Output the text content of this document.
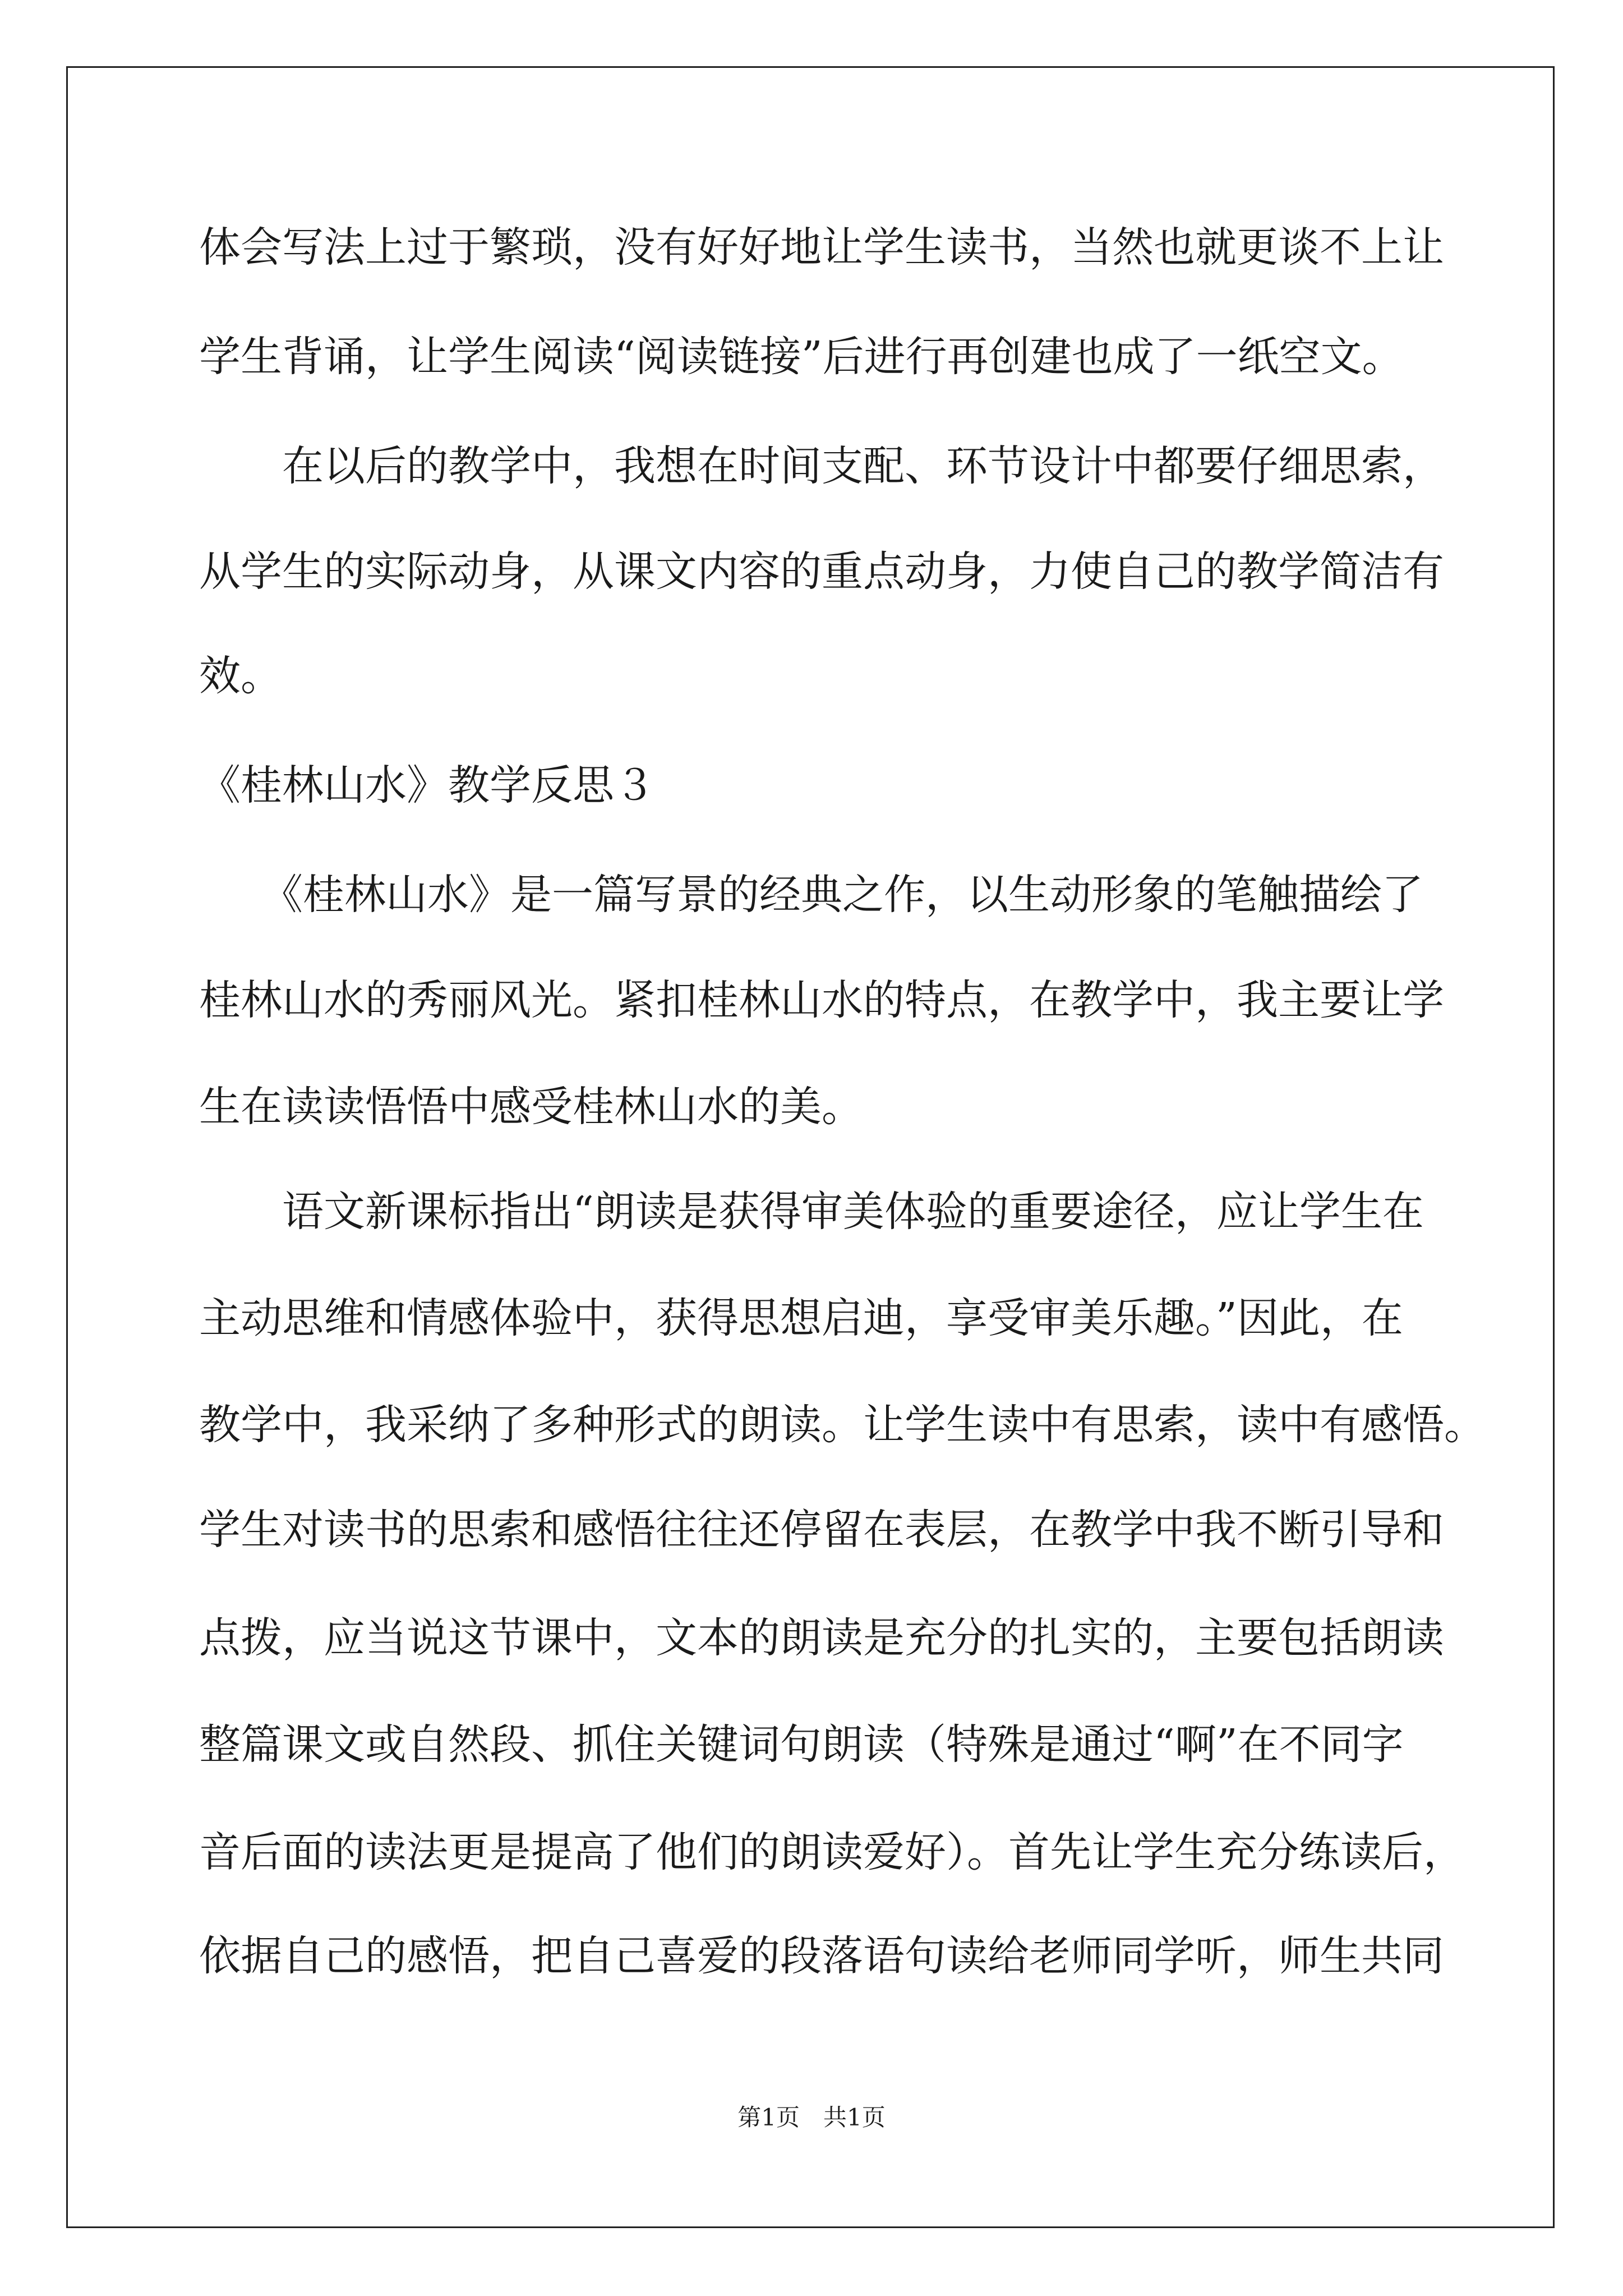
体会写法上过于繁琐，没有好好地让学生读书，当然也就更谈不上让
学生背诵，让学生阅读“阅读链接”后进行再创建也成了一纸空文。
　　在以后的教学中，我想在时间支配、环节设计中都要仔细思索，
从学生的实际动身，从课文内容的重点动身，力使自己的教学简洁有
效。
《桂林山水》教学反思３
　　《桂林山水》是一篇写景的经典之作，以生动形象的笔触描绘了
桂林山水的秀丽风光。紧扣桂林山水的特点，在教学中，我主要让学
生在读读悟悟中感受桂林山水的美。
　　语文新课标指出“朗读是获得审美体验的重要途径，应让学生在
主动思维和情感体验中，获得思想启迪，享受审美乐趣。”因此，在
教学中，我采纳了多种形式的朗读。让学生读中有思索，读中有感悟。
学生对读书的思索和感悟往往还停留在表层，在教学中我不断引导和
点拨，应当说这节课中，文本的朗读是充分的扎实的，主要包括朗读
整篇课文或自然段、抓住关键词句朗读（特殊是通过“啊”在不同字
音后面的读法更是提高了他们的朗读爱好）。首先让学生充分练读后，
依据自己的感悟，把自己喜爱的段落语句读给老师同学听，师生共同
第1页　共1页
